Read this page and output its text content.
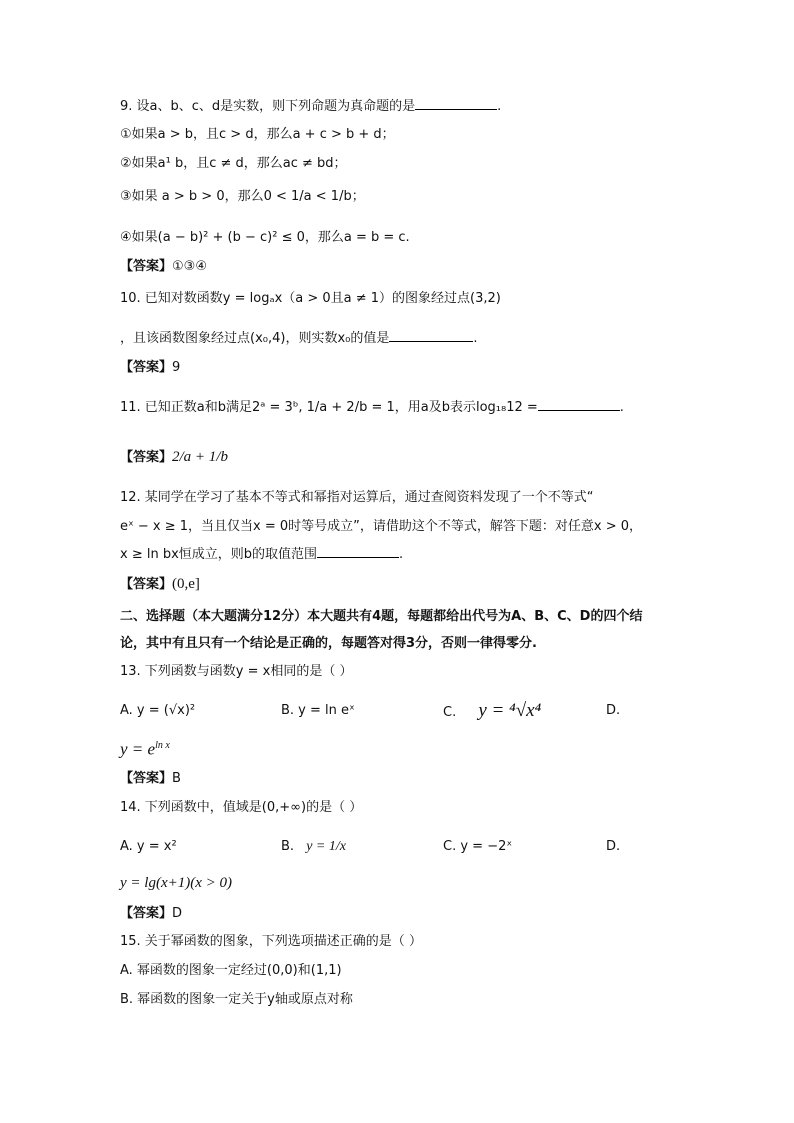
9. 设a、b、c、d是实数，则下列命题为真命题的是	.
①如果a > b，且c > d，那么a + c > b + d；
②如果a¹ b，且c ≠ d，那么ac ≠ bd；
③如果 a > b > 0，那么0 < 1/a < 1/b；
④如果(a − b)² + (b − c)² ≤ 0，那么a = b = c.
【答案】①③④
10. 已知对数函数y = logₐx（a > 0且a ≠ 1）的图象经过点(3,2)
，且该函数图象经过点(x₀,4)，则实数x₀的值是	.
【答案】9
11. 已知正数a和b满足2ᵃ = 3ᵇ, 1/a + 2/b = 1，用a及b表示log₁₈12 =	.
【答案】2/a + 1/b
12. 某同学在学习了基本不等式和幂指对运算后，通过查阅资料发现了一个不等式“
eˣ − x ≥ 1，当且仅当x = 0时等号成立”，请借助这个不等式，解答下题：对任意x > 0，
x ≥ ln bx恒成立，则b的取值范围	.
【答案】(0,e]
二、选择题（本大题满分12分）本大题共有4题，每题都给出代号为A、B、C、D的四个结
论，其中有且只有一个结论是正确的，每题答对得3分，否则一律得零分.
13. 下列函数与函数y = x相同的是（ ）
A. y = (√x)²	B. y = ln eˣ	C. y = ⁴√x⁴	D.
$y = e^{ln x}$
【答案】B
14. 下列函数中，值域是(0,+∞)的是（ ）
A. y = x²	B. y = 1/x	C. y = −2ˣ	D.
y = lg(x+1)(x > 0)
【答案】D
15. 关于幂函数的图象，下列选项描述正确的是（ ）
A. 幂函数的图象一定经过(0,0)和(1,1)
B. 幂函数的图象一定关于y轴或原点对称
